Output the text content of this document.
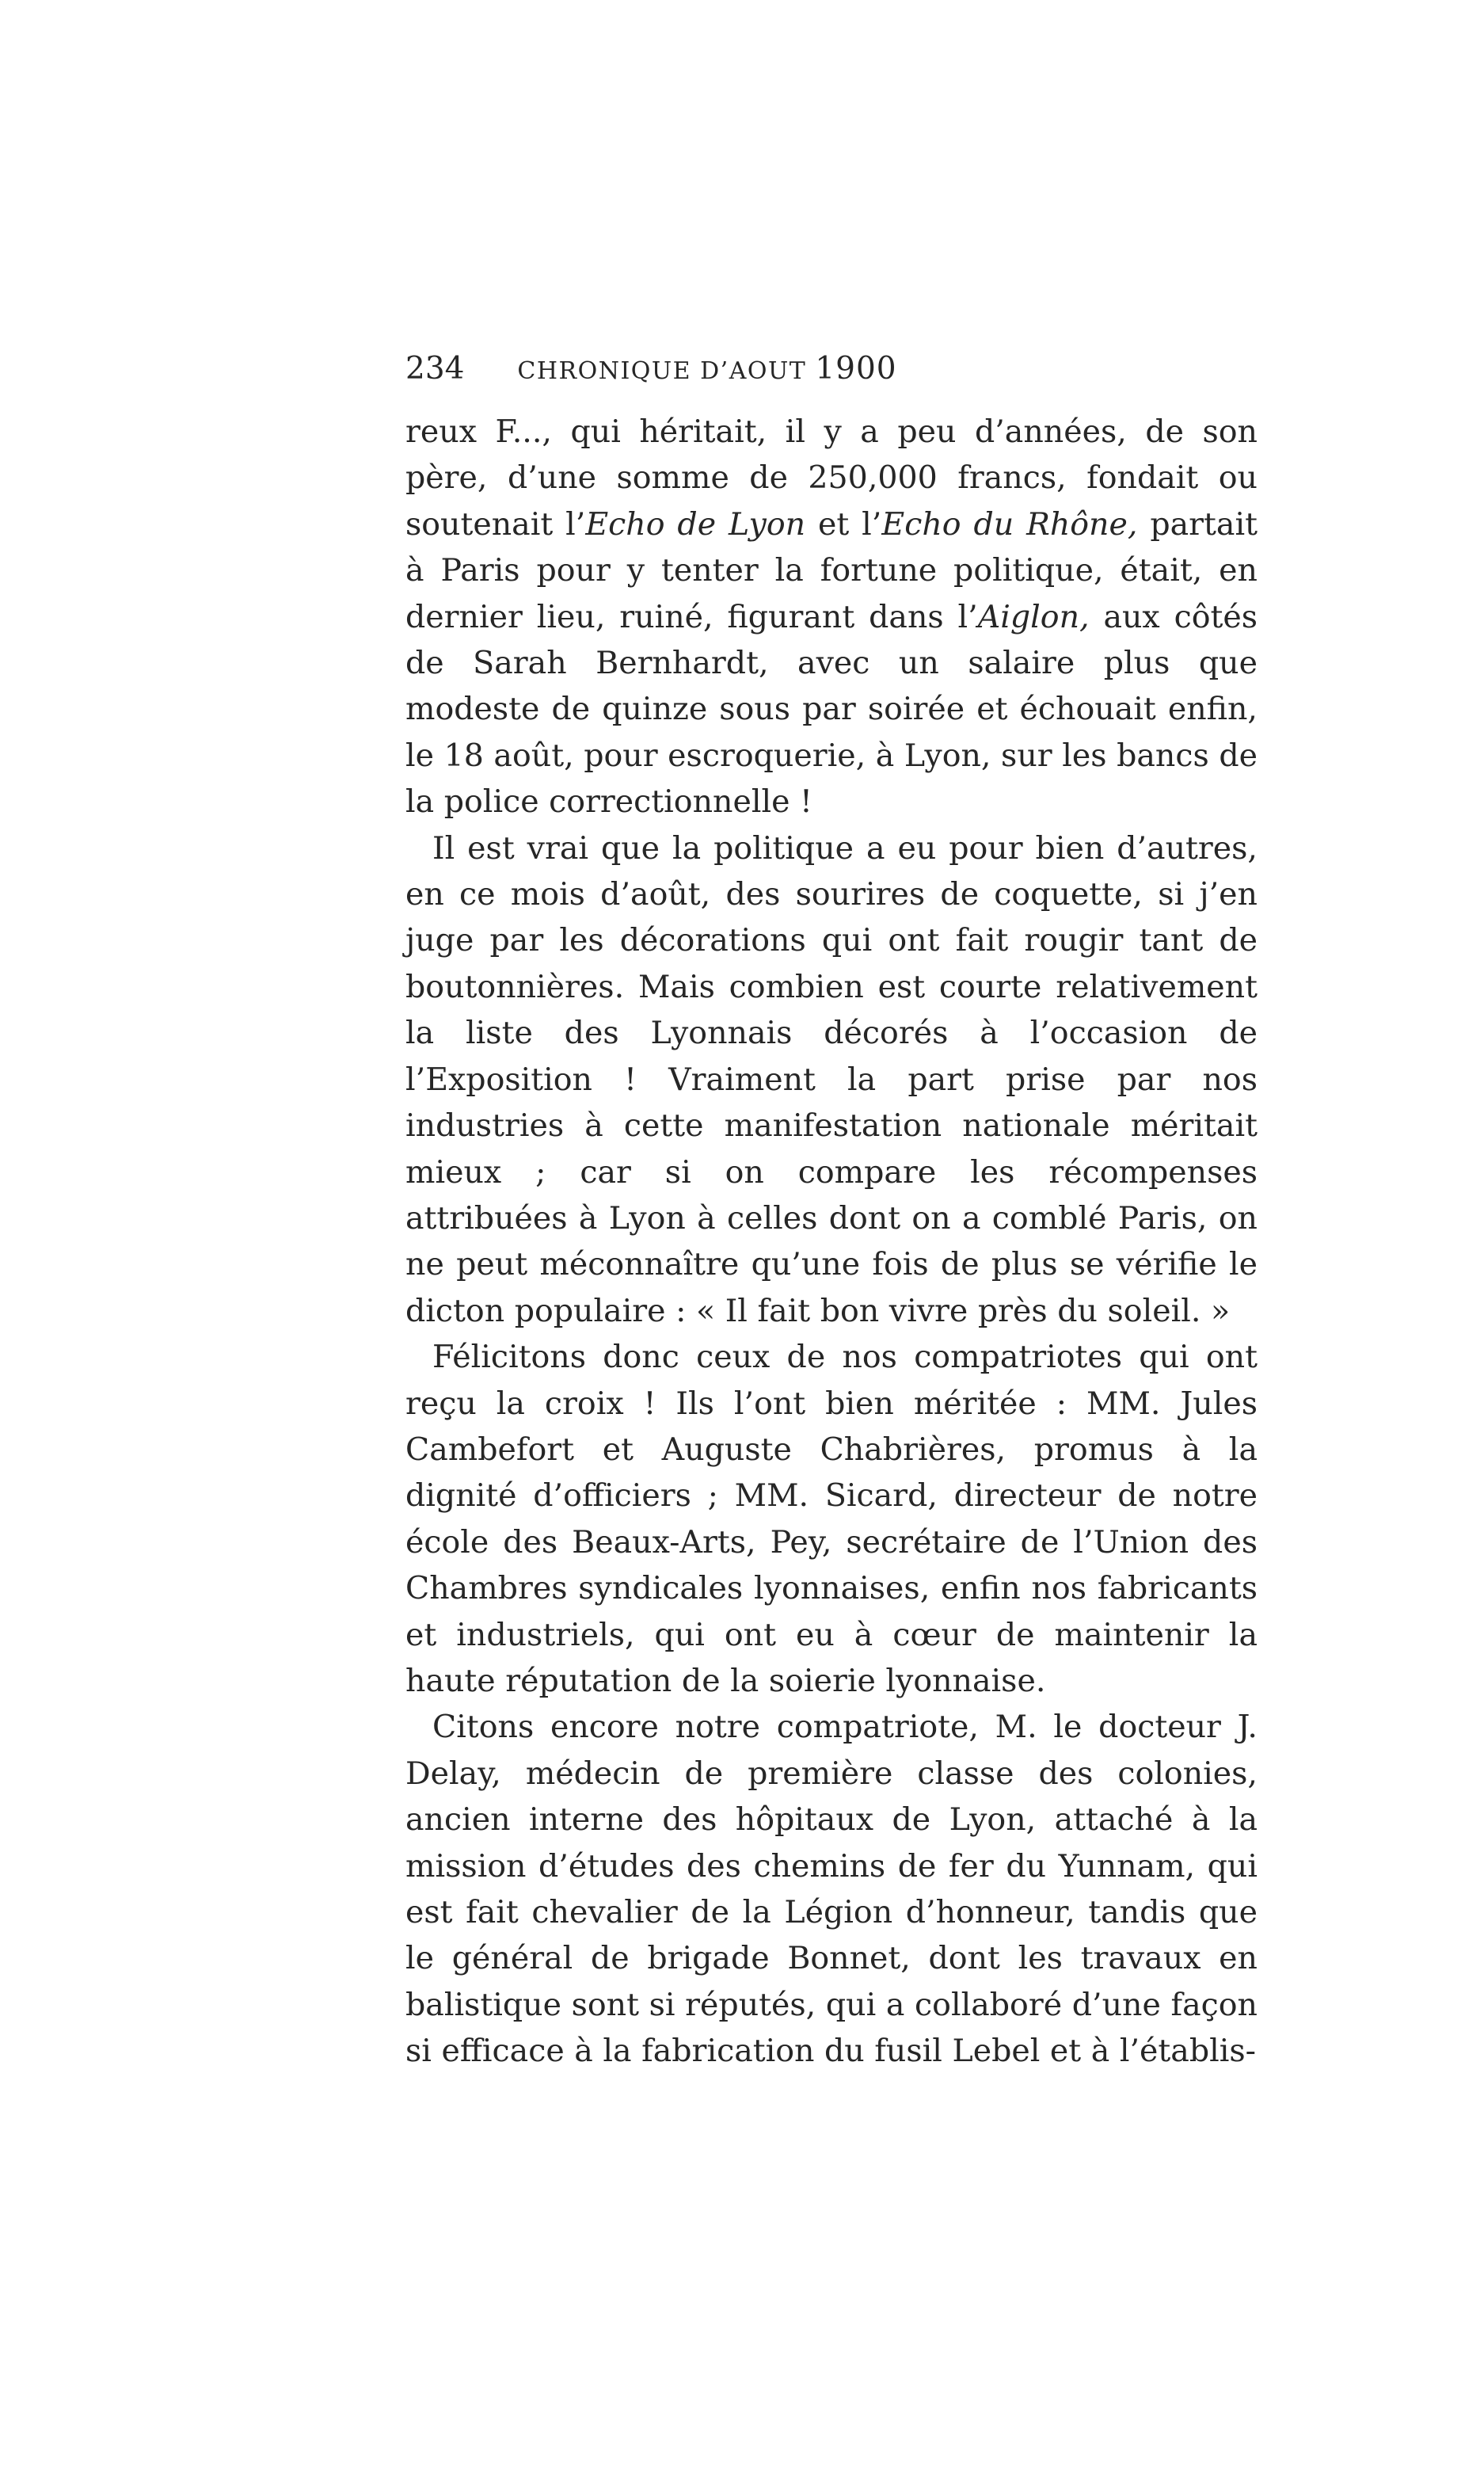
234	CHRONIQUE D’AOUT 1900

reux F..., qui héritait, il y a peu d’années, de son père, d’une somme de 250,000 francs, fondait ou soutenait l’Echo de Lyon et l’Echo du Rhône, partait à Paris pour y tenter la fortune politique, était, en dernier lieu, ruiné, figurant dans l’Aiglon, aux côtés de Sarah Bernhardt, avec un salaire plus que modeste de quinze sous par soirée et échouait enfin, le 18 août, pour escroquerie, à Lyon, sur les bancs de la police correctionnelle !

Il est vrai que la politique a eu pour bien d’autres, en ce mois d’août, des sourires de coquette, si j’en juge par les décorations qui ont fait rougir tant de boutonnières. Mais combien est courte relativement la liste des Lyonnais décorés à l’occasion de l’Exposition ! Vraiment la part prise par nos industries à cette manifestation nationale méritait mieux ; car si on compare les récompenses attribuées à Lyon à celles dont on a comblé Paris, on ne peut méconnaître qu’une fois de plus se vérifie le dicton populaire : « Il fait bon vivre près du soleil. »

Félicitons donc ceux de nos compatriotes qui ont reçu la croix ! Ils l’ont bien méritée : MM. Jules Cambefort et Auguste Chabrières, promus à la dignité d’officiers ; MM. Sicard, directeur de notre école des Beaux-Arts, Pey, secrétaire de l’Union des Chambres syndicales lyonnaises, enfin nos fabricants et industriels, qui ont eu à cœur de maintenir la haute réputation de la soierie lyonnaise.

Citons encore notre compatriote, M. le docteur J. Delay, médecin de première classe des colonies, ancien interne des hôpitaux de Lyon, attaché à la mission d’études des chemins de fer du Yunnam, qui est fait chevalier de la Légion d’honneur, tandis que le général de brigade Bonnet, dont les travaux en balistique sont si réputés, qui a collaboré d’une façon si efficace à la fabrication du fusil Lebel et à l’établis-
